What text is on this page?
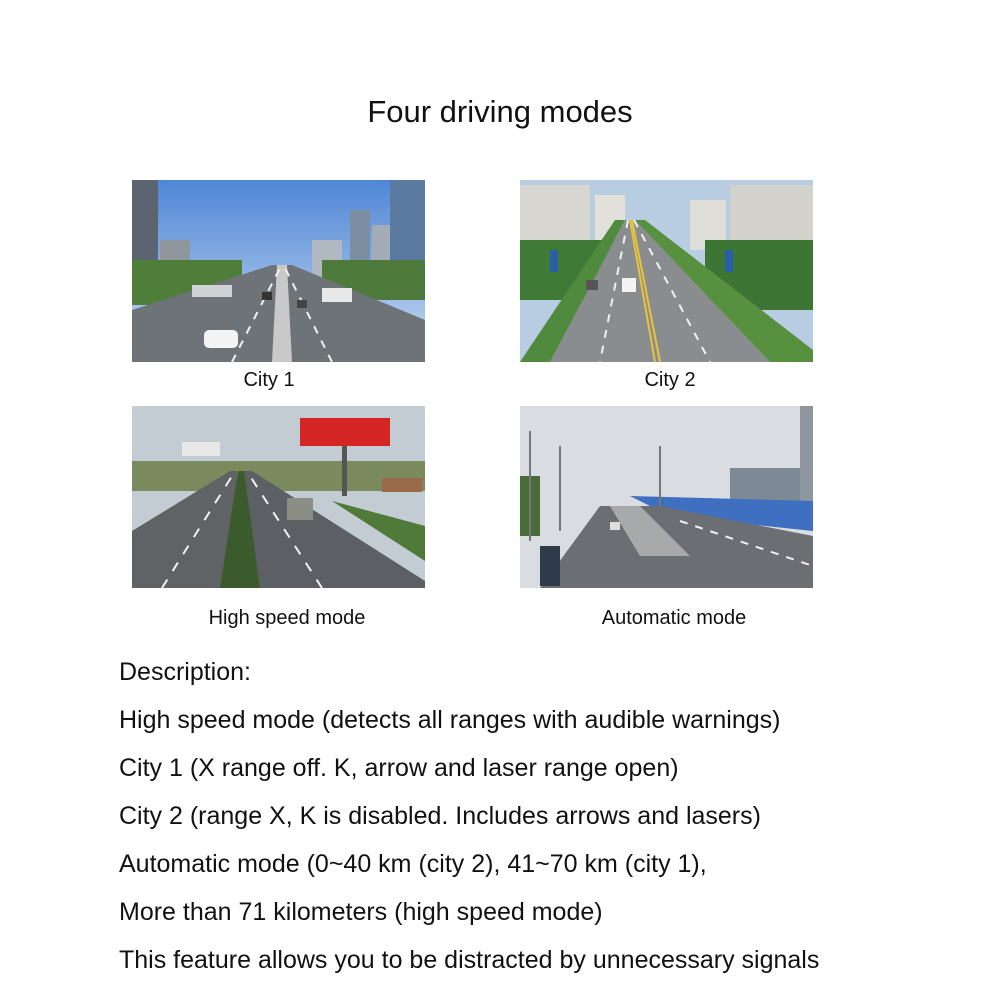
Four driving modes
City 1	City 2
High speed mode	Automatic mode
Description:
High speed mode (detects all ranges with audible warnings)
City 1 (X range off. K, arrow and laser range open)
City 2 (range X, K is disabled. Includes arrows and lasers)
Automatic mode (0~40 km (city 2), 41~70 km (city 1),
More than 71 kilometers (high speed mode)
This feature allows you to be distracted by unnecessary signals
